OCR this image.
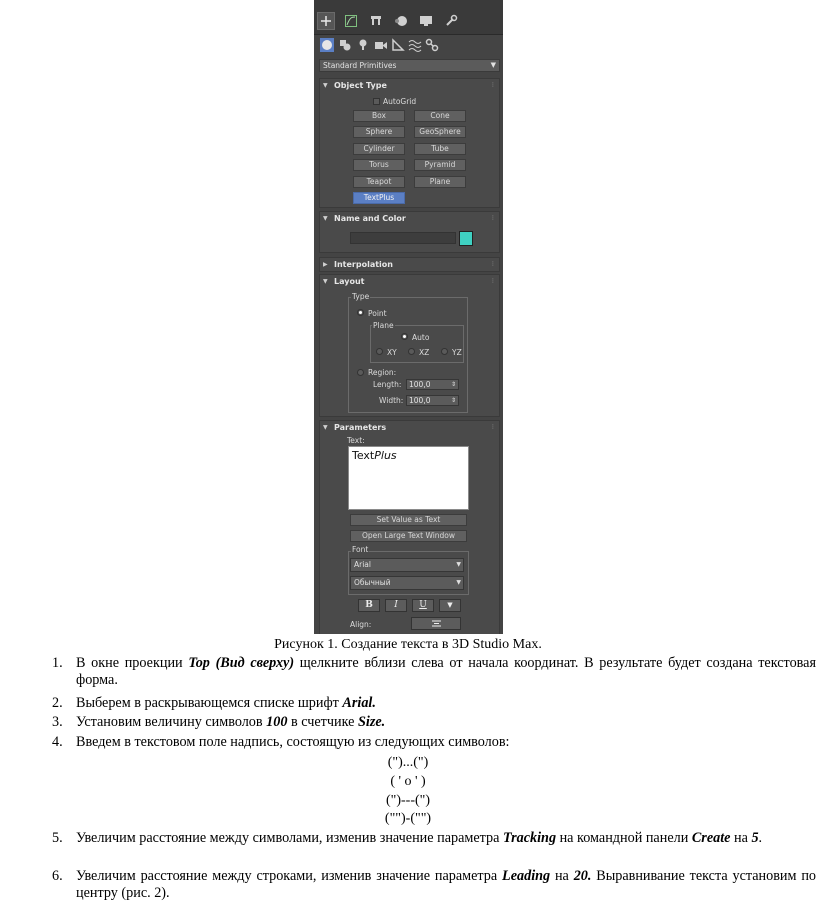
Standard Primitives	▼
▼ Object Type	⁞
AutoGrid
Box	Cone
Sphere	GeoSphere
Cylinder	Tube
Torus	Pyramid
Teapot	Plane
TextPlus
▼ Name and Color	⁞
▶ Interpolation	⁞
▼ Layout	⁞
Type
Point
Plane
Auto
XY	XZ	YZ
Region:
Length:	100,0	⇕
Width: 100,0	⇕
▼ Parameters	⁞
Text:
TextPlus
Set Value as Text
Open Large Text Window
Font
Arial	▼
Обычный	▼
B	I	U	▼
Align:
Рисунок 1. Создание текста в 3D Studio Max.
1. В окне проекции Top (Вид сверху) щелкните вблизи слева от начала координат. В результате будет создана текстовая форма.
2. Выберем в раскрывающемся списке шрифт Arial.
3. Установим величину символов 100 в счетчике Size.
4. Введем в текстовом поле надпись, состоящую из следующих символов:
(")...(")
( ' o ' )
(")---(")
("")-("")
5. Увеличим расстояние между символами, изменив значение параметра Tracking на командной панели Create на 5.
6. Увеличим расстояние между строками, изменив значение параметра Leading на 20. Выравнивание текста установим по центру (рис. 2).
